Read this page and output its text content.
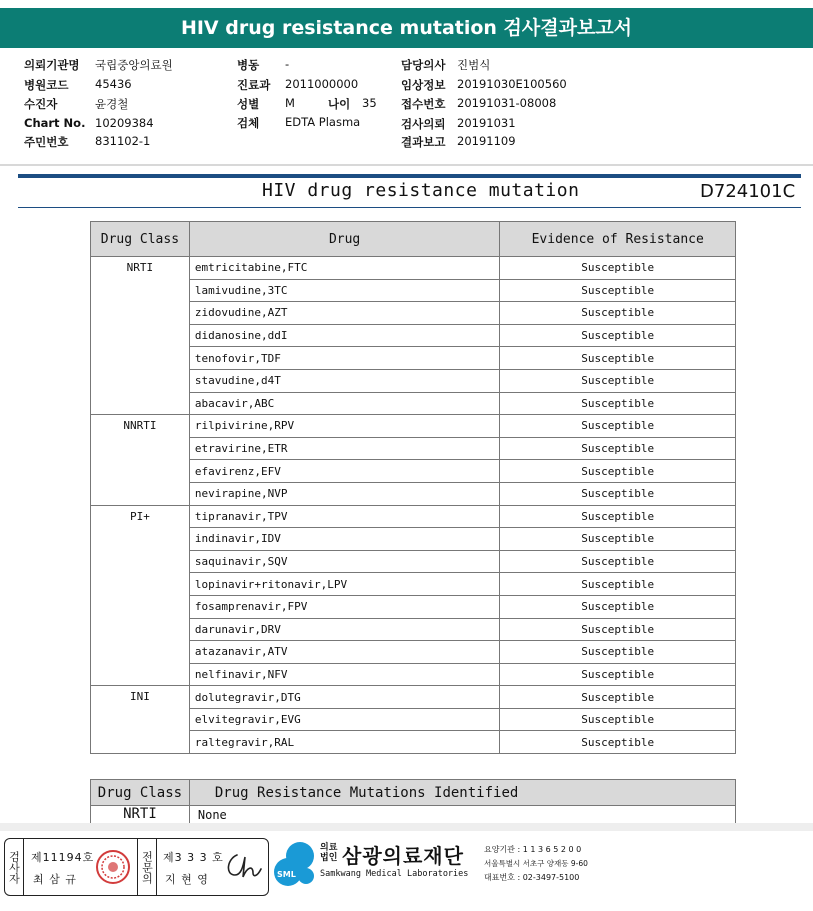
HIV drug resistance mutation 검사결과보고서
의뢰기관명 국립중앙의료원
병원코드 45436
수진자	윤경철
Chart No. 10209384
주민번호 831102-1
병동 -
진료과 2011000000
성별 M	나이 35
검체 EDTA Plasma
담당의사 진범식
임상정보 20191030E100560
접수번호 20191031-08008
검사의뢰 20191031
결과보고 20191109
HIV drug resistance mutation	D724101C
Drug Class	Drug	Evidence of Resistance
NRTI	emtricitabine,FTC	Susceptible
	lamivudine,3TC	Susceptible
	zidovudine,AZT	Susceptible
	didanosine,ddI	Susceptible
	tenofovir,TDF	Susceptible
	stavudine,d4T	Susceptible
	abacavir,ABC	Susceptible
NNRTI	rilpivirine,RPV	Susceptible
	etravirine,ETR	Susceptible
	efavirenz,EFV	Susceptible
	nevirapine,NVP	Susceptible
PI+	tipranavir,TPV	Susceptible
	indinavir,IDV	Susceptible
	saquinavir,SQV	Susceptible
	lopinavir+ritonavir,LPV	Susceptible
	fosamprenavir,FPV	Susceptible
	darunavir,DRV	Susceptible
	atazanavir,ATV	Susceptible
	nelfinavir,NFV	Susceptible
INI	dolutegravir,DTG	Susceptible
	elvitegravir,EVG	Susceptible
	raltegravir,RAL	Susceptible
Drug Class	Drug Resistance Mutations Identified
NRTI	None
검사자 제11194호
최 삼 규	전문의 제3 3 3 호
지 현 영	SML
의료
법인 삼광의료재단
Samkwang Medical Laboratories
요양기관 : 1 1 3 6 5 2 0 0
서울특별시 서초구 양재동 9-60
대표번호 : 02-3497-5100
